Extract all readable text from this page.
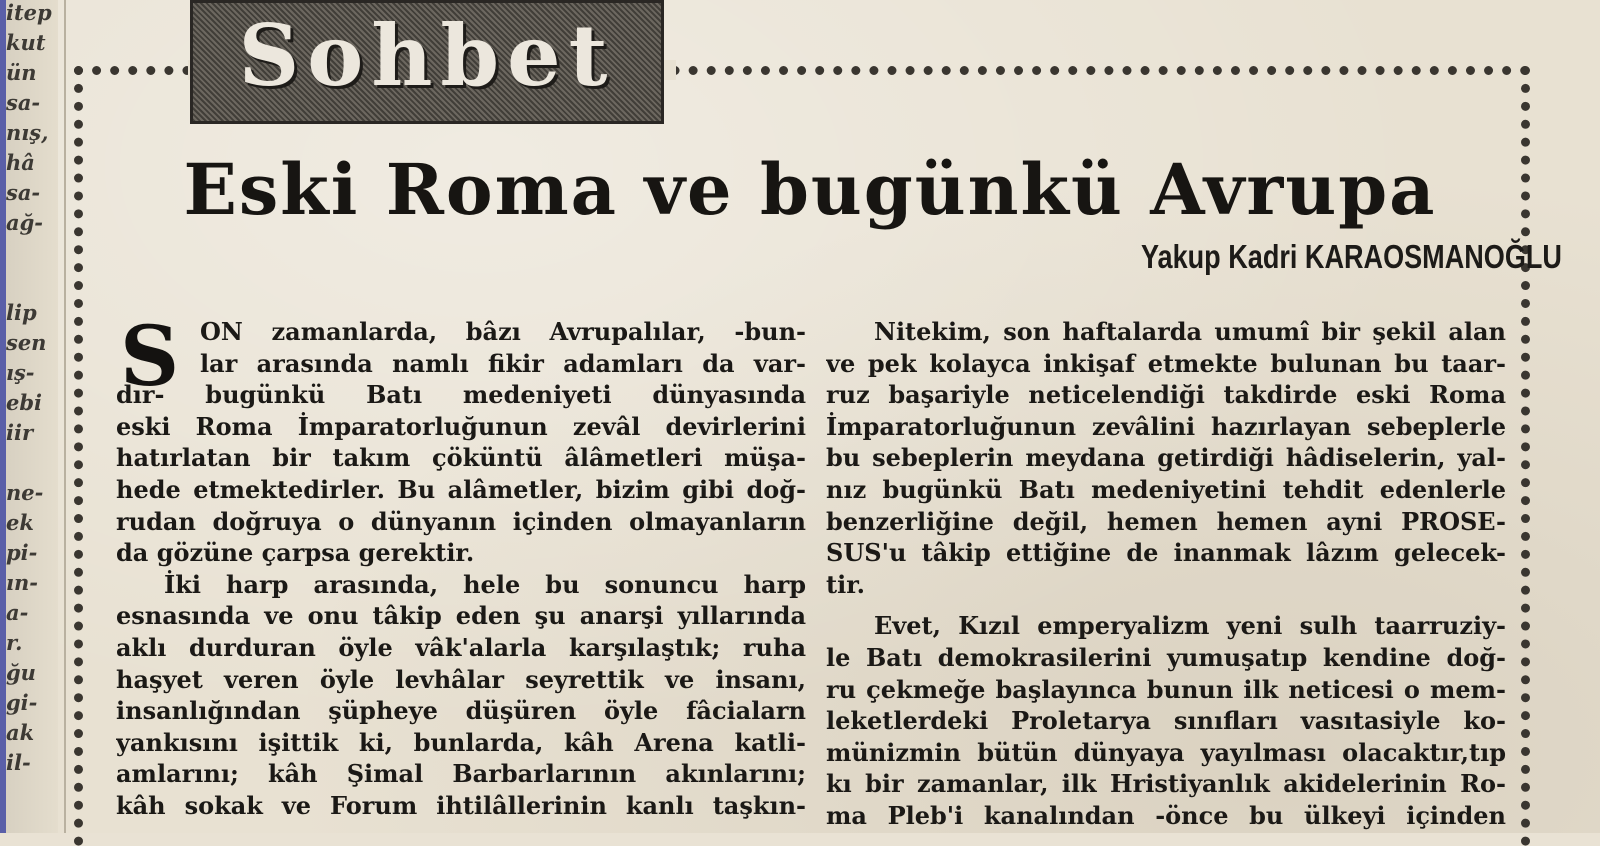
itep
kut
ün
sa-
nış,
hâ
sa-
ağ-
lip
sen
ış-
ebi
iir
ne-
ek
pi-
ın-
a-
r.
ğu
gi-
ak
il-
Sohbet
Eski Roma ve bugünkü Avrupa
Yakup Kadri KARAOSMANOĞLU
S ON zamanlarda, bâzı Avrupalılar, -bun-
lar arasında namlı fikir adamları da var-
dır- bugünkü Batı medeniyeti dünyasında
eski Roma İmparatorluğunun zevâl devirlerini
hatırlatan bir takım çöküntü âlâmetleri müşa-
hede etmektedirler. Bu alâmetler, bizim gibi doğ-
rudan doğruya o dünyanın içinden olmayanların
da gözüne çarpsa gerektir.
İki harp arasında, hele bu sonuncu harp
esnasında ve onu tâkip eden şu anarşi yıllarında
aklı durduran öyle vâk'alarla karşılaştık; ruha
haşyet veren öyle levhâlar seyrettik ve insanı,
insanlığından şüpheye düşüren öyle fâcialarn
yankısını işittik ki, bunlarda, kâh Arena katli-
amlarını; kâh Şimal Barbarlarının akınlarını;
kâh sokak ve Forum ihtilâllerinin kanlı taşkın-
Nitekim, son haftalarda umumî bir şekil alan
ve pek kolayca inkişaf etmekte bulunan bu taar-
ruz başariyle neticelendiği takdirde eski Roma
İmparatorluğunun zevâlini hazırlayan sebeplerle
bu sebeplerin meydana getirdiği hâdiselerin, yal-
nız bugünkü Batı medeniyetini tehdit edenlerle
benzerliğine değil, hemen hemen ayni PROSE-
SUS'u tâkip ettiğine de inanmak lâzım gelecek-
tir.
Evet, Kızıl emperyalizm yeni sulh taarruziy-
le Batı demokrasilerini yumuşatıp kendine doğ-
ru çekmeğe başlayınca bunun ilk neticesi o mem-
leketlerdeki Proletarya sınıfları vasıtasiyle ko-
münizmin bütün dünyaya yayılması olacaktır,tıp
kı bir zamanlar, ilk Hristiyanlık akidelerinin Ro-
ma Pleb'i kanalından -önce bu ülkeyi içinden
